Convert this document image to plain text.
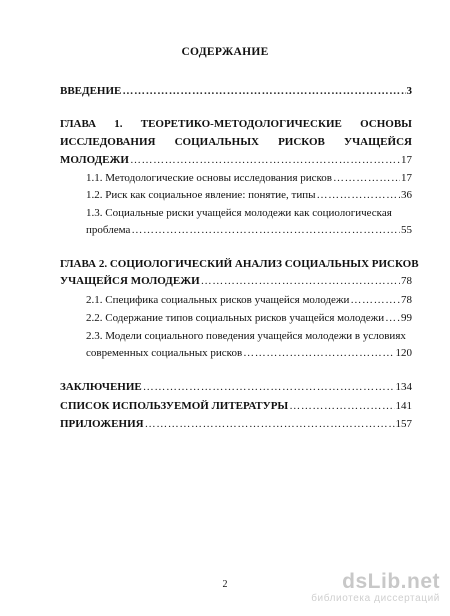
СОДЕРЖАНИЕ
ВВЕДЕНИЕ …………………………………………………………………………………………………………………………………………………………………	3
ГЛАВА 1. ТЕОРЕТИКО-МЕТОДОЛОГИЧЕСКИЕ ОСНОВЫ
ИССЛЕДОВАНИЯ СОЦИАЛЬНЫХ РИСКОВ УЧАЩЕЙСЯ
МОЛОДЕЖИ …………………………………………………………………………………………………………………………………………………………………	17
1.1. Методологические основы исследования рисков …………………………………………………………………………………………………………………………………………………………………	17
1.2. Риск как социальное явление: понятие, типы …………………………………………………………………………………………………………………………………………………………………	36
1.3. Социальные риски учащейся молодежи как социологическая
проблема …………………………………………………………………………………………………………………………………………………………………	55
ГЛАВА 2. СОЦИОЛОГИЧЕСКИЙ АНАЛИЗ СОЦИАЛЬНЫХ РИСКОВ
УЧАЩЕЙСЯ МОЛОДЕЖИ …………………………………………………………………………………………………………………………………………………………………	78
2.1. Специфика социальных рисков учащейся молодежи …………………………………………………………………………………………………………………………………………………………………	78
2.2. Содержание типов социальных рисков учащейся молодежи ………………………………………………………………………………………………………………………………………………………………… 99
2.3. Модели социального поведения учащейся молодежи в условиях
современных социальных рисков …………………………………………………………………………………………………………………………………………………………………	120
ЗАКЛЮЧЕНИЕ …………………………………………………………………………………………………………………………………………………………………	134
СПИСОК ИСПОЛЬЗУЕМОЙ ЛИТЕРАТУРЫ …………………………………………………………………………………………………………………………………………………………………	141
ПРИЛОЖЕНИЯ …………………………………………………………………………………………………………………………………………………………………	157
2	dsLib.net
библиотека диссертаций
